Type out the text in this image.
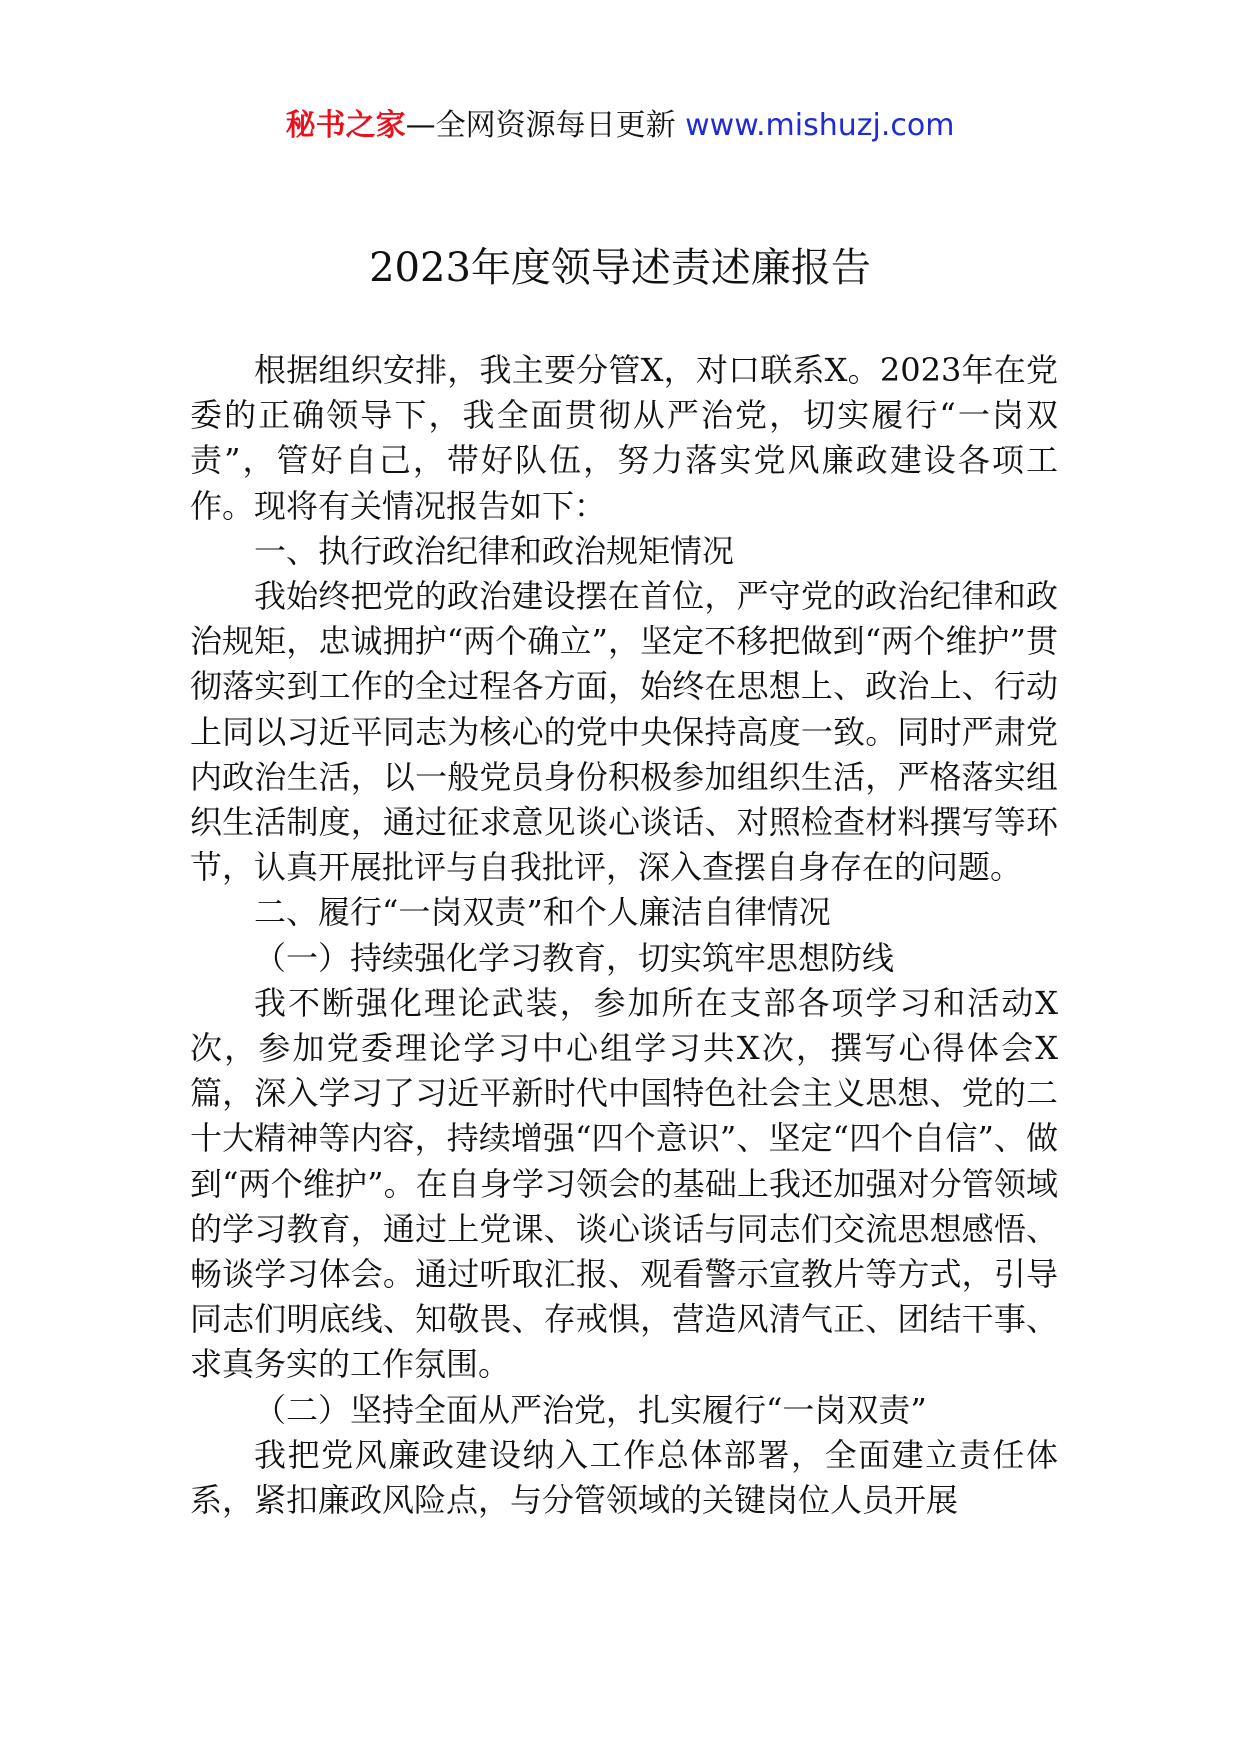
秘书之家—全网资源每日更新 www.mishuzj.com
2023年度领导述责述廉报告

根据组织安排，我主要分管X，对口联系X。2023年在党委的正确领导下，我全面贯彻从严治党，切实履行“一岗双责”，管好自己，带好队伍，努力落实党风廉政建设各项工作。现将有关情况报告如下：

一、执行政治纪律和政治规矩情况

我始终把党的政治建设摆在首位，严守党的政治纪律和政治规矩，忠诚拥护“两个确立”，坚定不移把做到“两个维护”贯彻落实到工作的全过程各方面，始终在思想上、政治上、行动上同以习近平同志为核心的党中央保持高度一致。同时严肃党内政治生活，以一般党员身份积极参加组织生活，严格落实组织生活制度，通过征求意见谈心谈话、对照检查材料撰写等环节，认真开展批评与自我批评，深入查摆自身存在的问题。

二、履行“一岗双责”和个人廉洁自律情况

（一）持续强化学习教育，切实筑牢思想防线

我不断强化理论武装，参加所在支部各项学习和活动X次，参加党委理论学习中心组学习共X次，撰写心得体会X篇，深入学习了习近平新时代中国特色社会主义思想、党的二十大精神等内容，持续增强“四个意识”、坚定“四个自信”、做到“两个维护”。在自身学习领会的基础上我还加强对分管领域的学习教育，通过上党课、谈心谈话与同志们交流思想感悟、畅谈学习体会。通过听取汇报、观看警示宣教片等方式，引导同志们明底线、知敬畏、存戒惧，营造风清气正、团结干事、求真务实的工作氛围。

（二）坚持全面从严治党，扎实履行“一岗双责”

我把党风廉政建设纳入工作总体部署，全面建立责任体系，紧扣廉政风险点，与分管领域的关键岗位人员开展
